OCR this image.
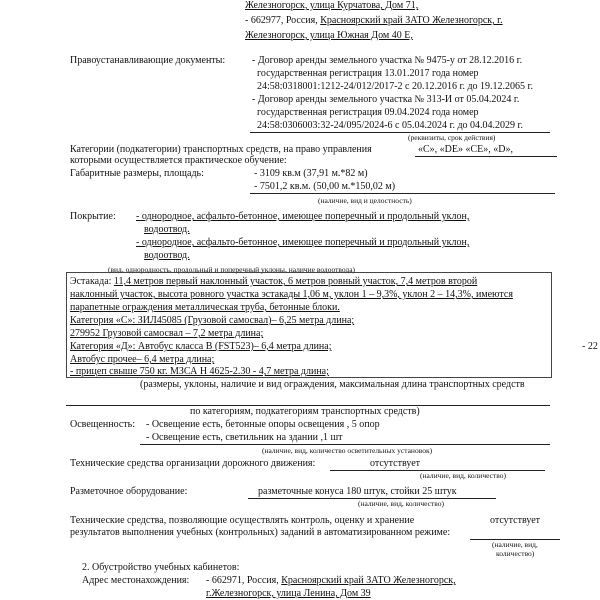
Железногорск, улица Курчатова, Дом 71,
- 662977, Россия, Красноярский край ЗАТО Железногорск, г.
Железногорск, улица Южная Дом 40 Е,
Правоустанавливающие документы:	- Договор аренды земельного участка № 9475-у от 28.12.2016 г.
государственная регистрация 13.01.2017 года номер
24:58:0318001:1212-24/012/2017-2 с 20.12.2016 г. до 19.12.2065 г.
- Договор аренды земельного участка № 313-И от 05.04.2024 г.
государственная регистрация 09.04.2024 года номер
24:58:0306003:32-24/095/2024-6 с 05.04.2024 г. до 04.04.2029 г.
(реквизиты, срок действия)
Категории (подкатегории) транспортных средств, на право управления	«С», «DE» «СЕ», «D»,
которыми осуществляется практическое обучение:
Габаритные размеры, площадь:	- 3109 кв.м (37,91 м.*82 м)
- 7501,2 кв.м. (50,00 м.*150,02 м)
(наличие, вид и целостность)
Покрытие: - однородное, асфальто-бетонное, имеющее поперечный и продольный уклон,
водоотвод.
- однородное, асфальто-бетонное, имеющее поперечный и продольный уклон,
водоотвод.
(вид, однородность, продольный и поперечный уклоны, наличие водоотвода)
Эстакада: 11,4 метров первый наклонный участок, 6 метров ровный участок, 7,4 метров второй
наклонный участок, высота ровного участка эстакады 1,06 м, уклон 1 – 9,3%, уклон 2 – 14,3%, имеются
парапетные ограждения металлическая труба, бетонные блоки.
Категория «С»: ЗИЛ45085 (Грузовой самосвал)– 6,25 метра длина;
279952 Грузовой самосвал – 7,2 метра длина;
Категория «Д»: Автобус класса В (FST523)– 6,4 метра длина;	- 22
Автобус прочее– 6,4 метра длина;
- прицеп свыше 750 кг. МЗСА Н 4625-2.30 - 4,7 метра длина;
(размеры, уклоны, наличие и вид ограждения, максимальная длина транспортных средств
по категориям, подкатегориям транспортных средств)
Освещенность: - Освещение есть, бетонные опоры освещения , 5 опор
- Освещение есть, светильник на здании ,1 шт
(наличие, вид, количество осветительных установок)
Технические средства организации дорожного движения:	отсутствует
(наличие, вид, количество)
Разметочное оборудование:	разметочные конуса 180 штук, стойки 25 штук
(наличие, вид, количество)
Технические средства, позволяющие осуществлять контроль, оценку и хранение	отсутствует
результатов выполнения учебных (контрольных) заданий в автоматизированном режиме:
(наличие, вид,
количество)
2. Обустройство учебных кабинетов:
Адрес местонахождения: - 662971, Россия, Красноярский край ЗАТО Железногорск,
г.Железногорск, улица Ленина, Дом 39
